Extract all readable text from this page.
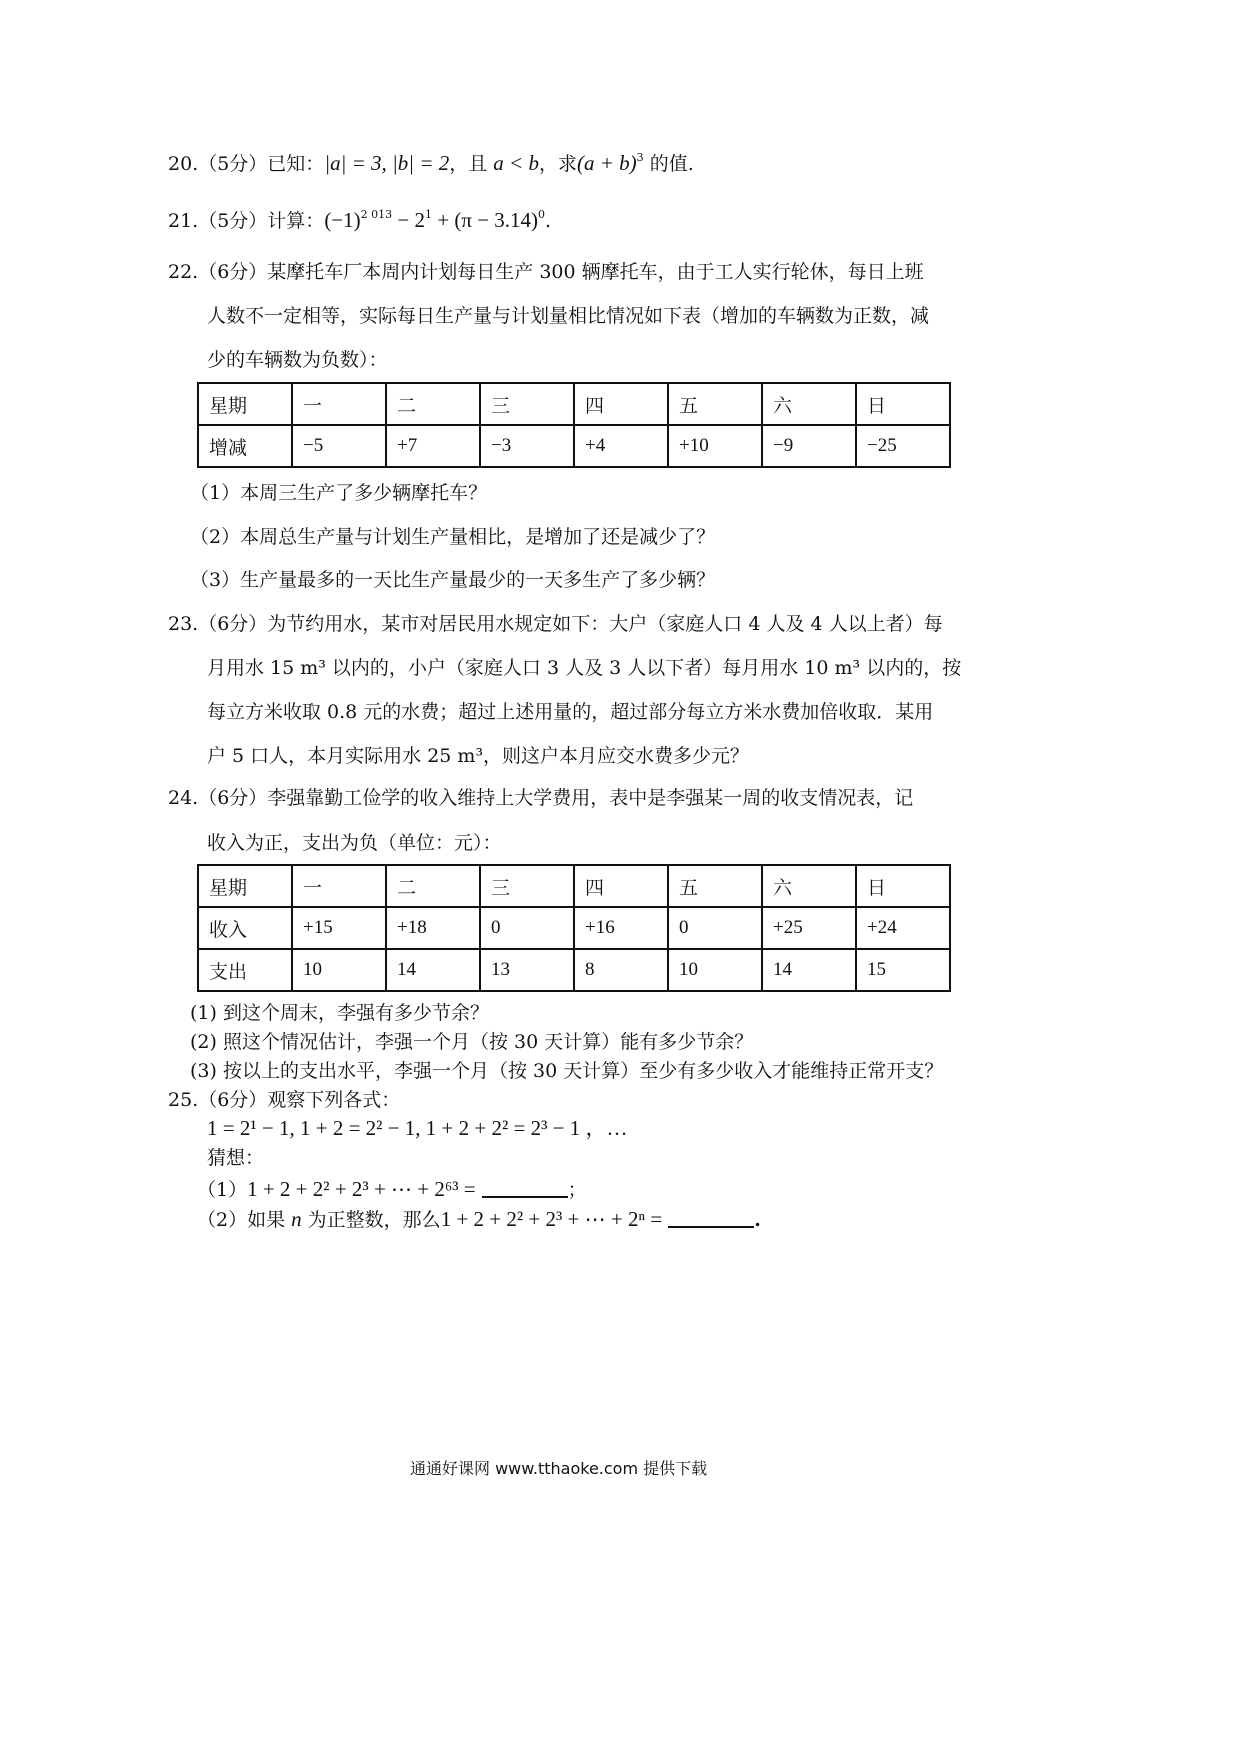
20.（5分）已知：|a| = 3, |b| = 2，且 a < b，求$(a + b)^3$ 的值.
21.（5分）计算：$(-1)^{2 013} - 2^1 + (\pi - 3.14)^0$.
22.（6分）某摩托车厂本周内计划每日生产 300 辆摩托车，由于工人实行轮休，每日上班
人数不一定相等，实际每日生产量与计划量相比情况如下表（增加的车辆数为正数，减
少的车辆数为负数）：
星期	一	二	三	四	五	六	日
增减	−5	+7	−3	+4	+10	−9	−25
（1）本周三生产了多少辆摩托车？
（2）本周总生产量与计划生产量相比，是增加了还是减少了？
（3）生产量最多的一天比生产量最少的一天多生产了多少辆？
23.（6分）为节约用水，某市对居民用水规定如下：大户（家庭人口 4 人及 4 人以上者）每
月用水 15 m³ 以内的，小户（家庭人口 3 人及 3 人以下者）每月用水 10 m³ 以内的，按
每立方米收取 0.8 元的水费；超过上述用量的，超过部分每立方米水费加倍收取．某用
户 5 口人，本月实际用水 25 m³，则这户本月应交水费多少元？
24.（6分）李强靠勤工俭学的收入维持上大学费用，表中是李强某一周的收支情况表，记
收入为正，支出为负（单位：元）：
星期	一	二	三	四	五	六	日
收入	+15	+18	0	+16	0	+25	+24
支出	10	14	13	8	10	14	15
(1) 到这个周末，李强有多少节余？
(2) 照这个情况估计，李强一个月（按 30 天计算）能有多少节余？
(3) 按以上的支出水平，李强一个月（按 30 天计算）至少有多少收入才能维持正常开支？
25.（6分）观察下列各式：
1 = 2¹ − 1, 1 + 2 = 2² − 1, 1 + 2 + 2² = 2³ − 1 ，…
猜想：
（1）1 + 2 + 2² + 2³ + ⋯ + 2⁶³ =	；
（2）如果 n 为正整数，那么1 + 2 + 2² + 2³ + ⋯ + 2ⁿ =	.
通通好课网 www.tthaoke.com 提供下载
